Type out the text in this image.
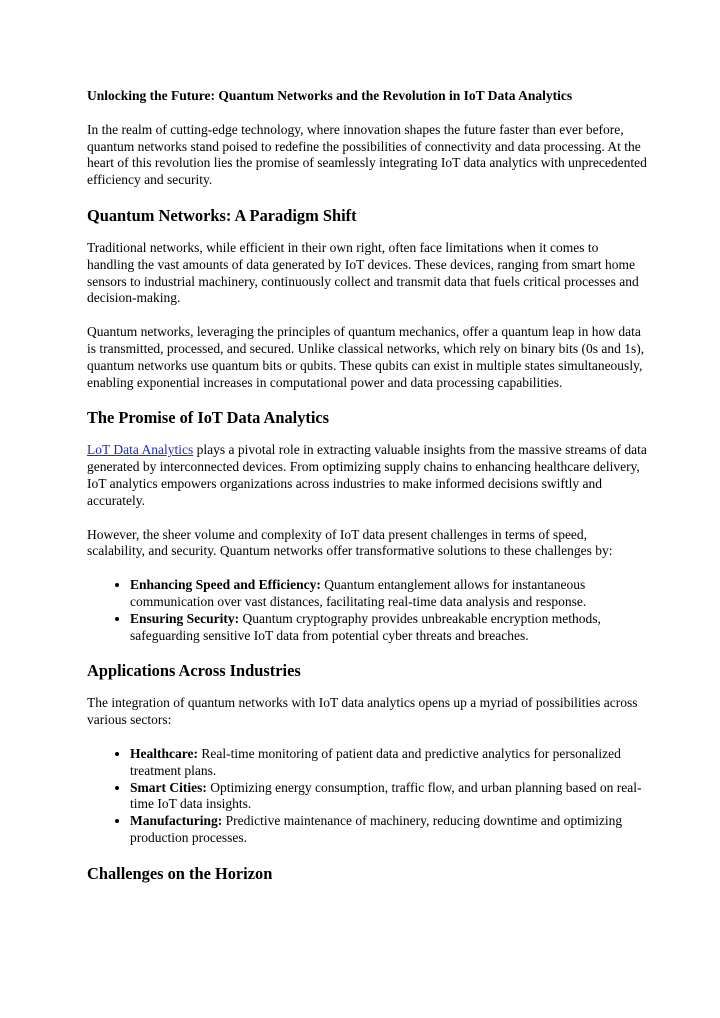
Unlocking the Future: Quantum Networks and the Revolution in IoT Data Analytics

In the realm of cutting-edge technology, where innovation shapes the future faster than ever before, quantum networks stand poised to redefine the possibilities of connectivity and data processing. At the heart of this revolution lies the promise of seamlessly integrating IoT data analytics with unprecedented efficiency and security.

Quantum Networks: A Paradigm Shift

Traditional networks, while efficient in their own right, often face limitations when it comes to handling the vast amounts of data generated by IoT devices. These devices, ranging from smart home sensors to industrial machinery, continuously collect and transmit data that fuels critical processes and decision-making.

Quantum networks, leveraging the principles of quantum mechanics, offer a quantum leap in how data is transmitted, processed, and secured. Unlike classical networks, which rely on binary bits (0s and 1s), quantum networks use quantum bits or qubits. These qubits can exist in multiple states simultaneously, enabling exponential increases in computational power and data processing capabilities.

The Promise of IoT Data Analytics

LoT Data Analytics plays a pivotal role in extracting valuable insights from the massive streams of data generated by interconnected devices. From optimizing supply chains to enhancing healthcare delivery, IoT analytics empowers organizations across industries to make informed decisions swiftly and accurately.

However, the sheer volume and complexity of IoT data present challenges in terms of speed, scalability, and security. Quantum networks offer transformative solutions to these challenges by:

• Enhancing Speed and Efficiency: Quantum entanglement allows for instantaneous communication over vast distances, facilitating real-time data analysis and response.
• Ensuring Security: Quantum cryptography provides unbreakable encryption methods, safeguarding sensitive IoT data from potential cyber threats and breaches.
Applications Across Industries

The integration of quantum networks with IoT data analytics opens up a myriad of possibilities across various sectors:

• Healthcare: Real-time monitoring of patient data and predictive analytics for personalized treatment plans.
• Smart Cities: Optimizing energy consumption, traffic flow, and urban planning based on real-time IoT data insights.
• Manufacturing: Predictive maintenance of machinery, reducing downtime and optimizing production processes.
Challenges on the Horizon
